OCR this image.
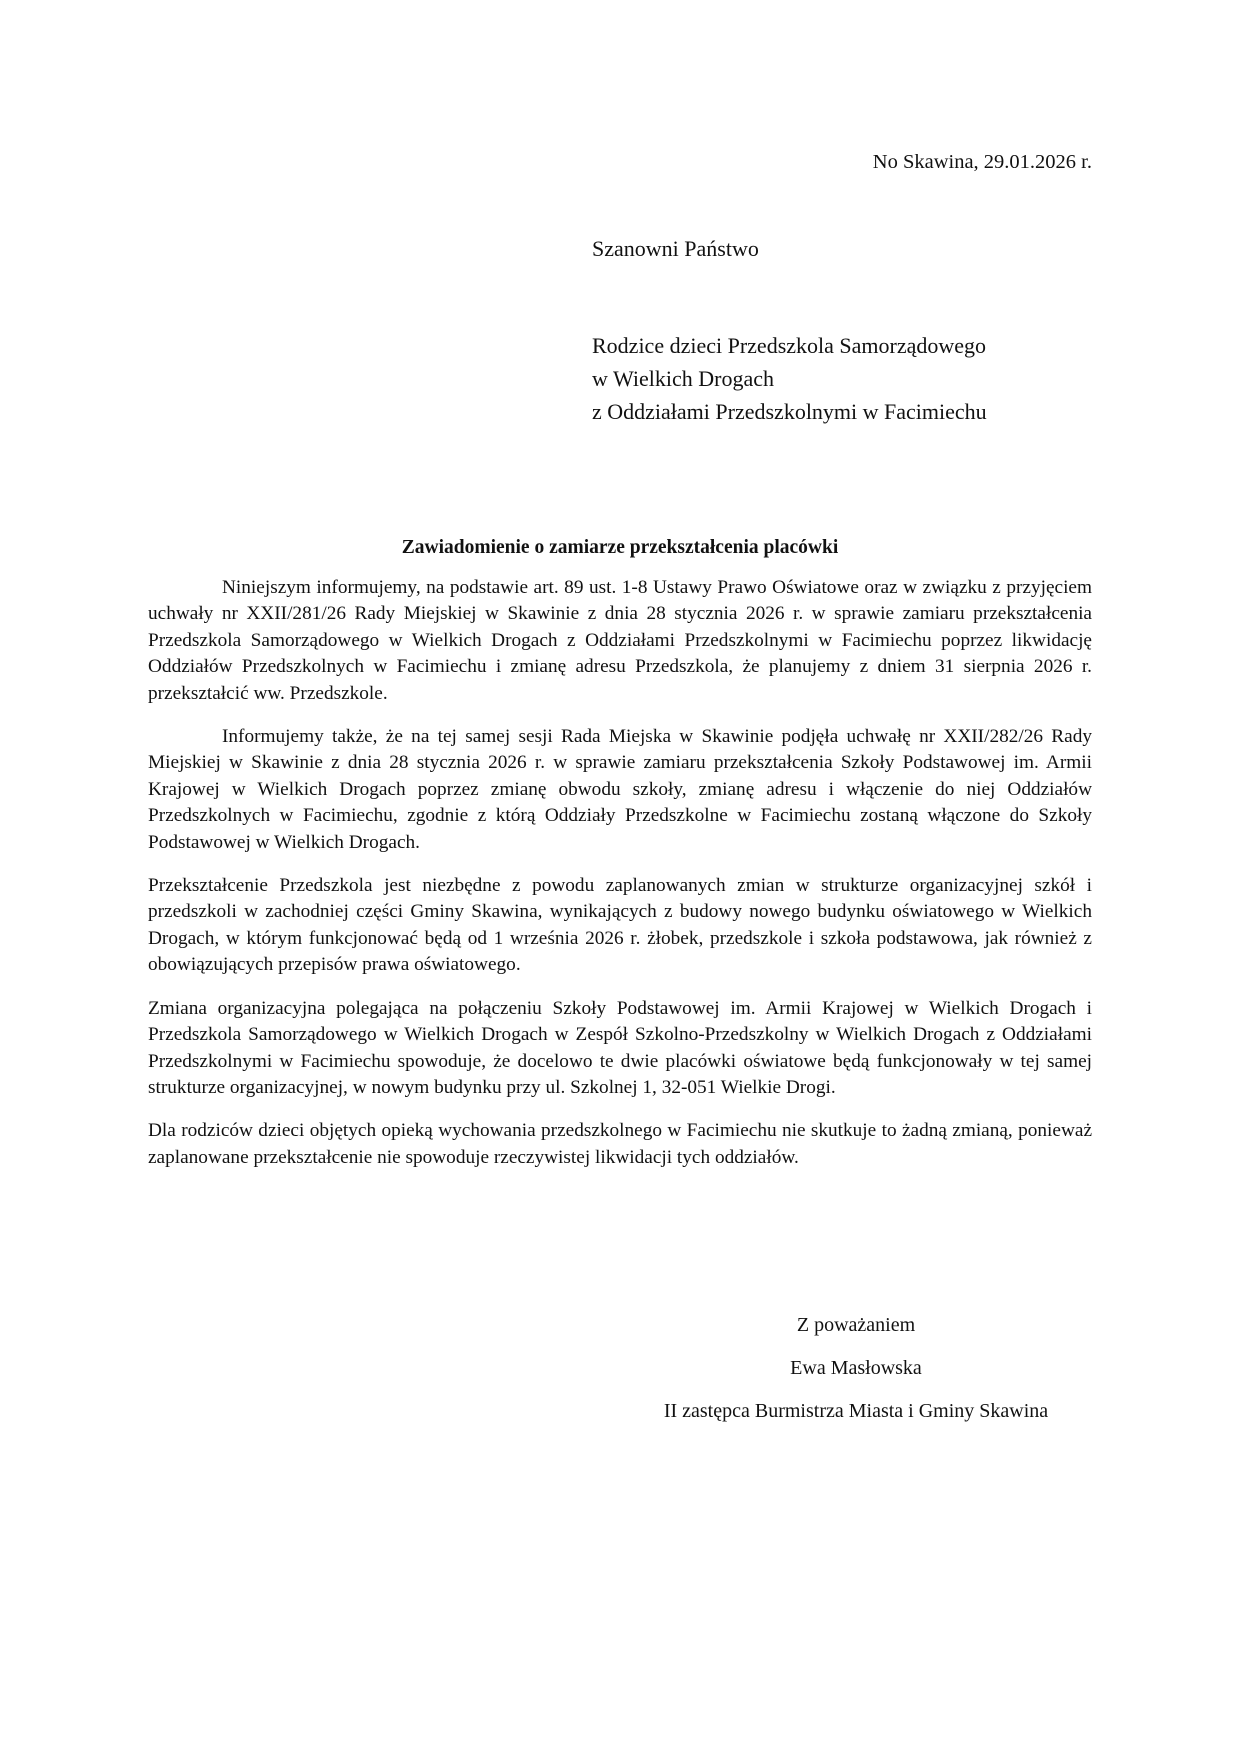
No Skawina, 29.01.2026 r.
Szanowni Państwo
Rodzice dzieci Przedszkola Samorządowego
w Wielkich Drogach
z Oddziałami Przedszkolnymi w Facimiechu
Zawiadomienie o zamiarze przekształcenia placówki

Niniejszym informujemy, na podstawie art. 89 ust. 1-8 Ustawy Prawo Oświatowe oraz w związku z przyjęciem uchwały nr XXII/281/26 Rady Miejskiej w Skawinie z dnia 28 stycznia 2026 r. w sprawie zamiaru przekształcenia Przedszkola Samorządowego w Wielkich Drogach z Oddziałami Przedszkolnymi w Facimiechu poprzez likwidację Oddziałów Przedszkolnych w Facimiechu i zmianę adresu Przedszkola, że planujemy z dniem 31 sierpnia 2026 r. przekształcić ww. Przedszkole.

Informujemy także, że na tej samej sesji Rada Miejska w Skawinie podjęła uchwałę nr XXII/282/26 Rady Miejskiej w Skawinie z dnia 28 stycznia 2026 r. w sprawie zamiaru przekształcenia Szkoły Podstawowej im. Armii Krajowej w Wielkich Drogach poprzez zmianę obwodu szkoły, zmianę adresu i włączenie do niej Oddziałów Przedszkolnych w Facimiechu, zgodnie z którą Oddziały Przedszkolne w Facimiechu zostaną włączone do Szkoły Podstawowej w Wielkich Drogach.

Przekształcenie Przedszkola jest niezbędne z powodu zaplanowanych zmian w strukturze organizacyjnej szkół i przedszkoli w zachodniej części Gminy Skawina, wynikających z budowy nowego budynku oświatowego w Wielkich Drogach, w którym funkcjonować będą od 1 września 2026 r. żłobek, przedszkole i szkoła podstawowa, jak również z obowiązujących przepisów prawa oświatowego.

Zmiana organizacyjna polegająca na połączeniu Szkoły Podstawowej im. Armii Krajowej w Wielkich Drogach i Przedszkola Samorządowego w Wielkich Drogach w Zespół Szkolno-Przedszkolny w Wielkich Drogach z Oddziałami Przedszkolnymi w Facimiechu spowoduje, że docelowo te dwie placówki oświatowe będą funkcjonowały w tej samej strukturze organizacyjnej, w nowym budynku przy ul. Szkolnej 1, 32-051 Wielkie Drogi.

Dla rodziców dzieci objętych opieką wychowania przedszkolnego w Facimiechu nie skutkuje to żadną zmianą, ponieważ zaplanowane przekształcenie nie spowoduje rzeczywistej likwidacji tych oddziałów.

Z poważaniem
Ewa Masłowska
II zastępca Burmistrza Miasta i Gminy Skawina
